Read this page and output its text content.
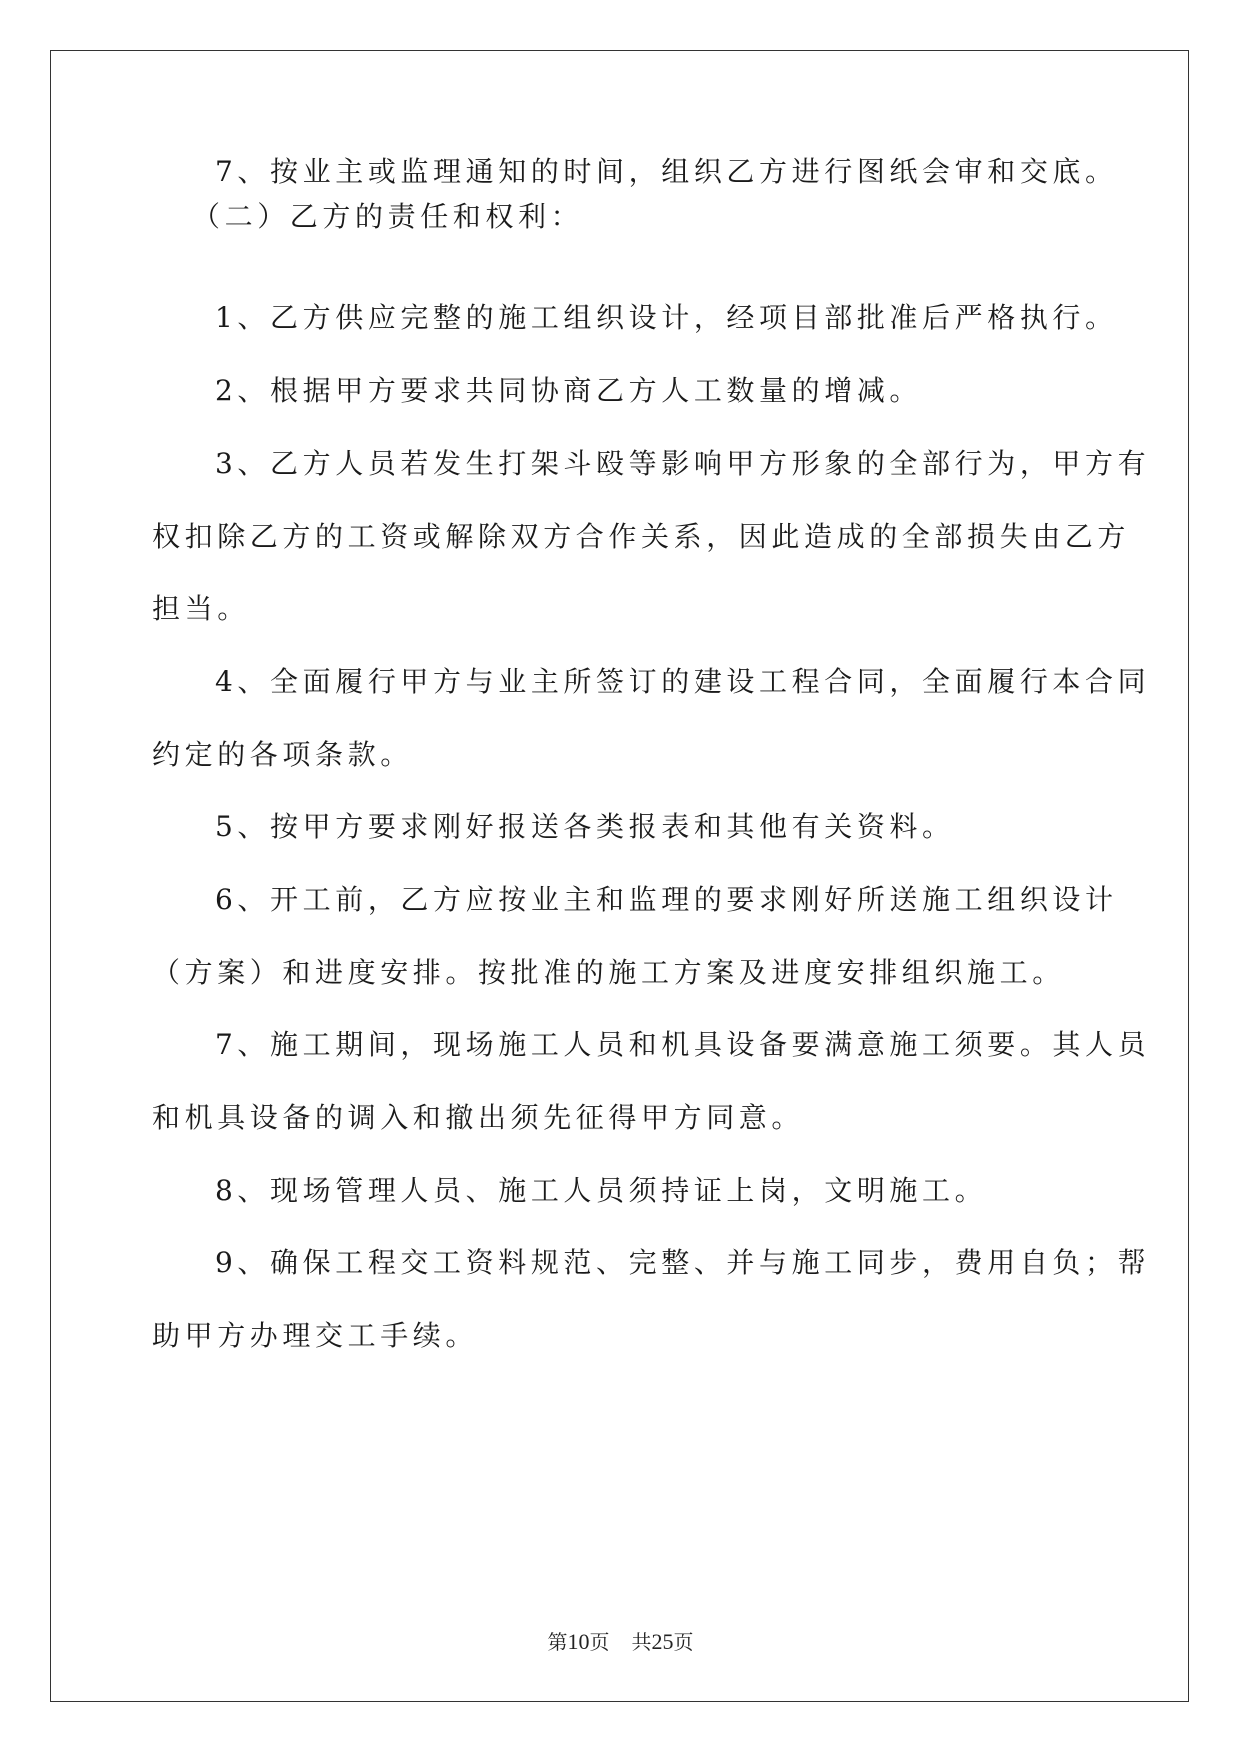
7、按业主或监理通知的时间，组织乙方进行图纸会审和交底。
（二）乙方的责任和权利：
1、乙方供应完整的施工组织设计，经项目部批准后严格执行。
2、根据甲方要求共同协商乙方人工数量的增减。
3、乙方人员若发生打架斗殴等影响甲方形象的全部行为，甲方有
权扣除乙方的工资或解除双方合作关系，因此造成的全部损失由乙方
担当。
4、全面履行甲方与业主所签订的建设工程合同，全面履行本合同
约定的各项条款。
5、按甲方要求刚好报送各类报表和其他有关资料。
6、开工前，乙方应按业主和监理的要求刚好所送施工组织设计
（方案）和进度安排。按批准的施工方案及进度安排组织施工。
7、施工期间，现场施工人员和机具设备要满意施工须要。其人员
和机具设备的调入和撤出须先征得甲方同意。
8、现场管理人员、施工人员须持证上岗，文明施工。
9、确保工程交工资料规范、完整、并与施工同步，费用自负；帮
助甲方办理交工手续。
第10页 共25页
